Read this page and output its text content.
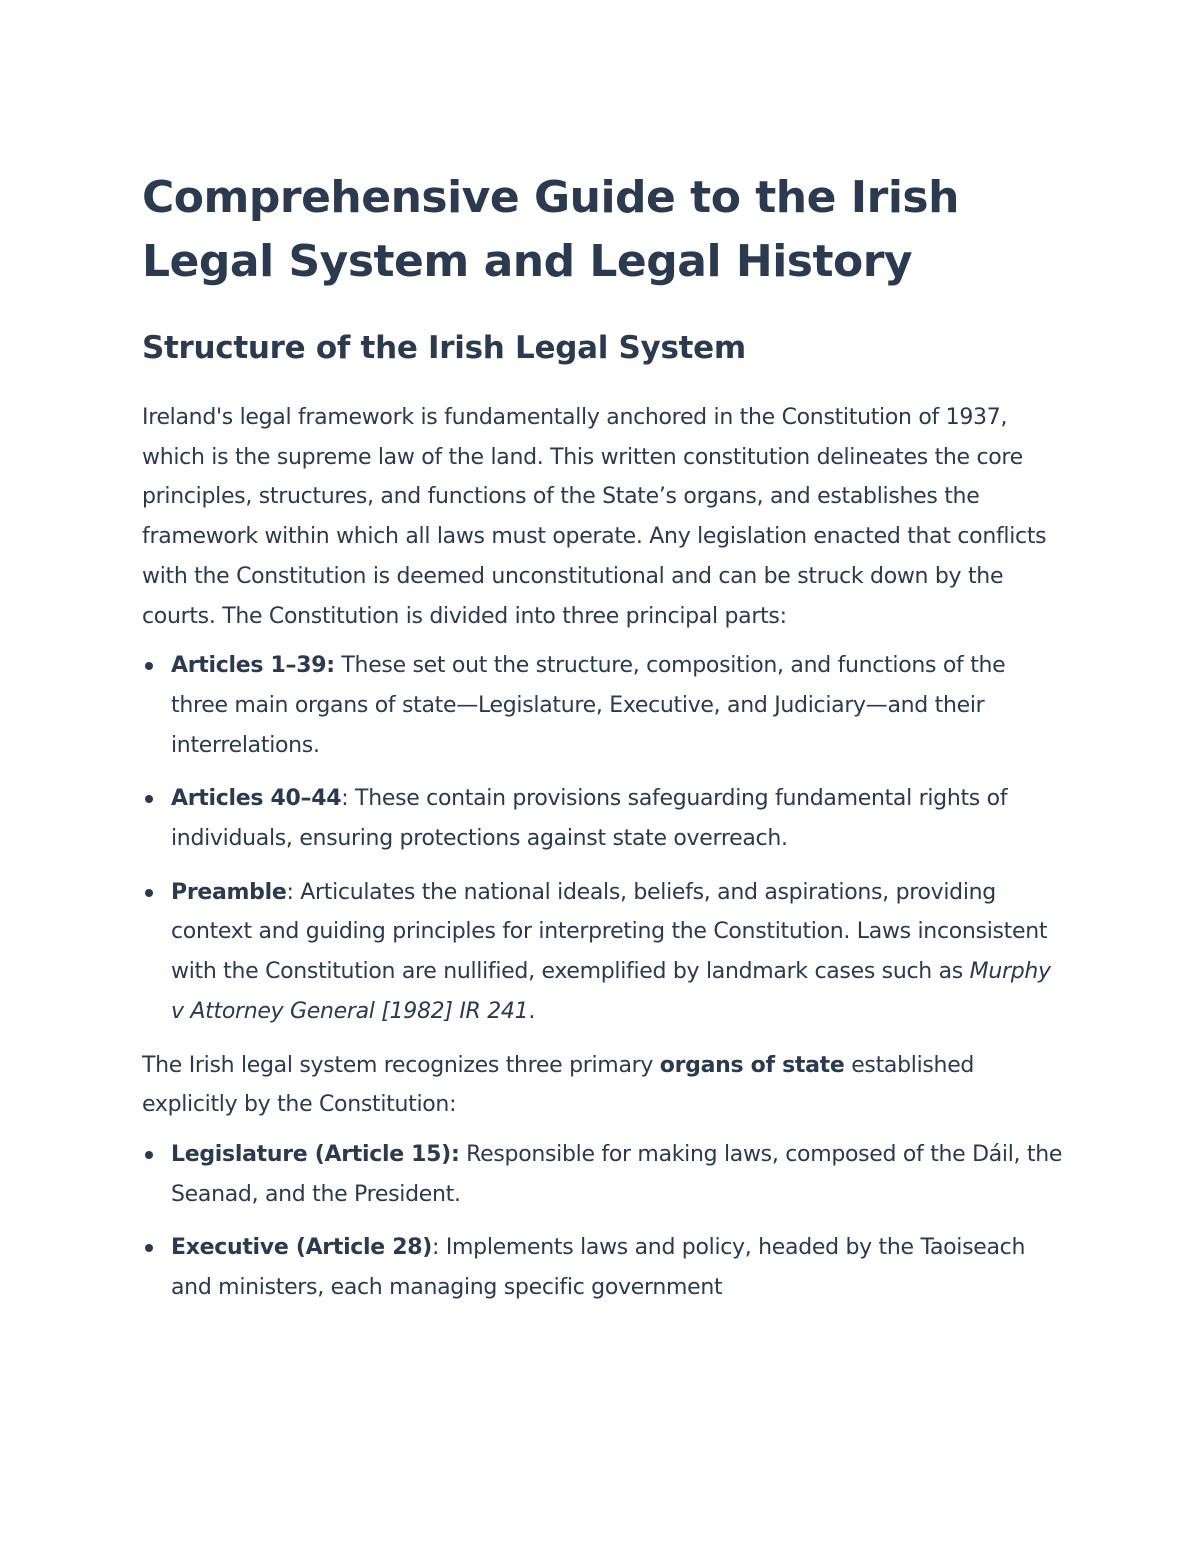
Comprehensive Guide to the Irish Legal System and Legal History
Structure of the Irish Legal System

Ireland's legal framework is fundamentally anchored in the Constitution of 1937, which is the supreme law of the land. This written constitution delineates the core principles, structures, and functions of the State’s organs, and establishes the framework within which all laws must operate. Any legislation enacted that conflicts with the Constitution is deemed unconstitutional and can be struck down by the courts. The Constitution is divided into three principal parts:

Articles 1–39: These set out the structure, composition, and functions of the three main organs of state—Legislature, Executive, and Judiciary—and their interrelations.
Articles 40–44: These contain provisions safeguarding fundamental rights of individuals, ensuring protections against state overreach.
Preamble: Articulates the national ideals, beliefs, and aspirations, providing context and guiding principles for interpreting the Constitution. Laws inconsistent with the Constitution are nullified, exemplified by landmark cases such as Murphy v Attorney General [1982] IR 241.

The Irish legal system recognizes three primary organs of state established explicitly by the Constitution:

Legislature (Article 15): Responsible for making laws, composed of the Dáil, the Seanad, and the President.
Executive (Article 28): Implements laws and policy, headed by the Taoiseach and ministers, each managing specific government
